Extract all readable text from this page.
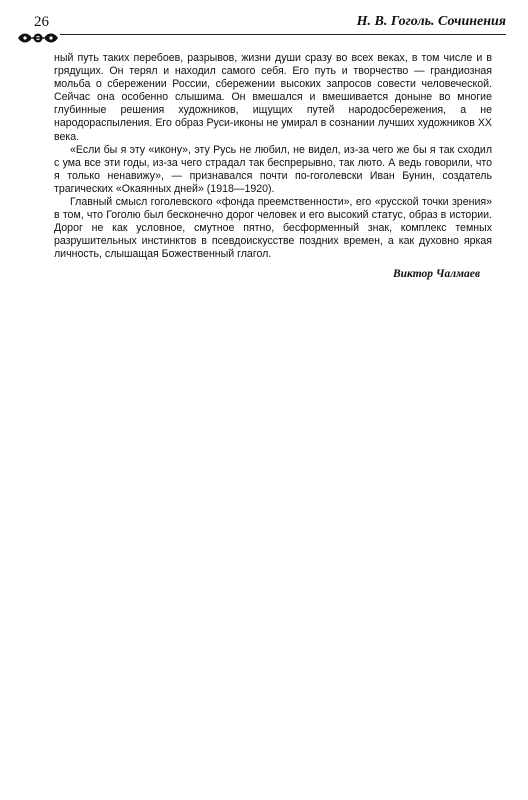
26	Н. В. Гоголь. Сочинения

ный путь таких перебоев, разрывов, жизни души сразу во всех веках, в том числе и в грядущих. Он терял и находил самого себя. Его путь и творчество — грандиозная мольба о сбережении России, сбережении высоких запросов совести человеческой. Сейчас она особенно слышима. Он вмешался и вмешивается доныне во многие глубинные решения художников, ищущих путей народосбережения, а не народораспыления. Его образ Руси-иконы не умирал в сознании лучших художников XX века.

«Если бы я эту «икону», эту Русь не любил, не видел, из-за чего же бы я так сходил с ума все эти годы, из-за чего страдал так беспрерывно, так люто. А ведь говорили, что я только ненавижу», — признавался почти по-гоголевски Иван Бунин, создатель трагических «Окаянных дней» (1918—1920).

Главный смысл гоголевского «фонда преемственности», его «русской точки зрения» в том, что Гоголю был бесконечно дорог человек и его высокий статус, образ в истории. Дорог не как условное, смутное пятно, бесформенный знак, комплекс темных разрушительных инстинктов в псевдоискусстве поздних времен, а как духовно яркая личность, слышащая Божественный глагол.

Виктор Чалмаев
